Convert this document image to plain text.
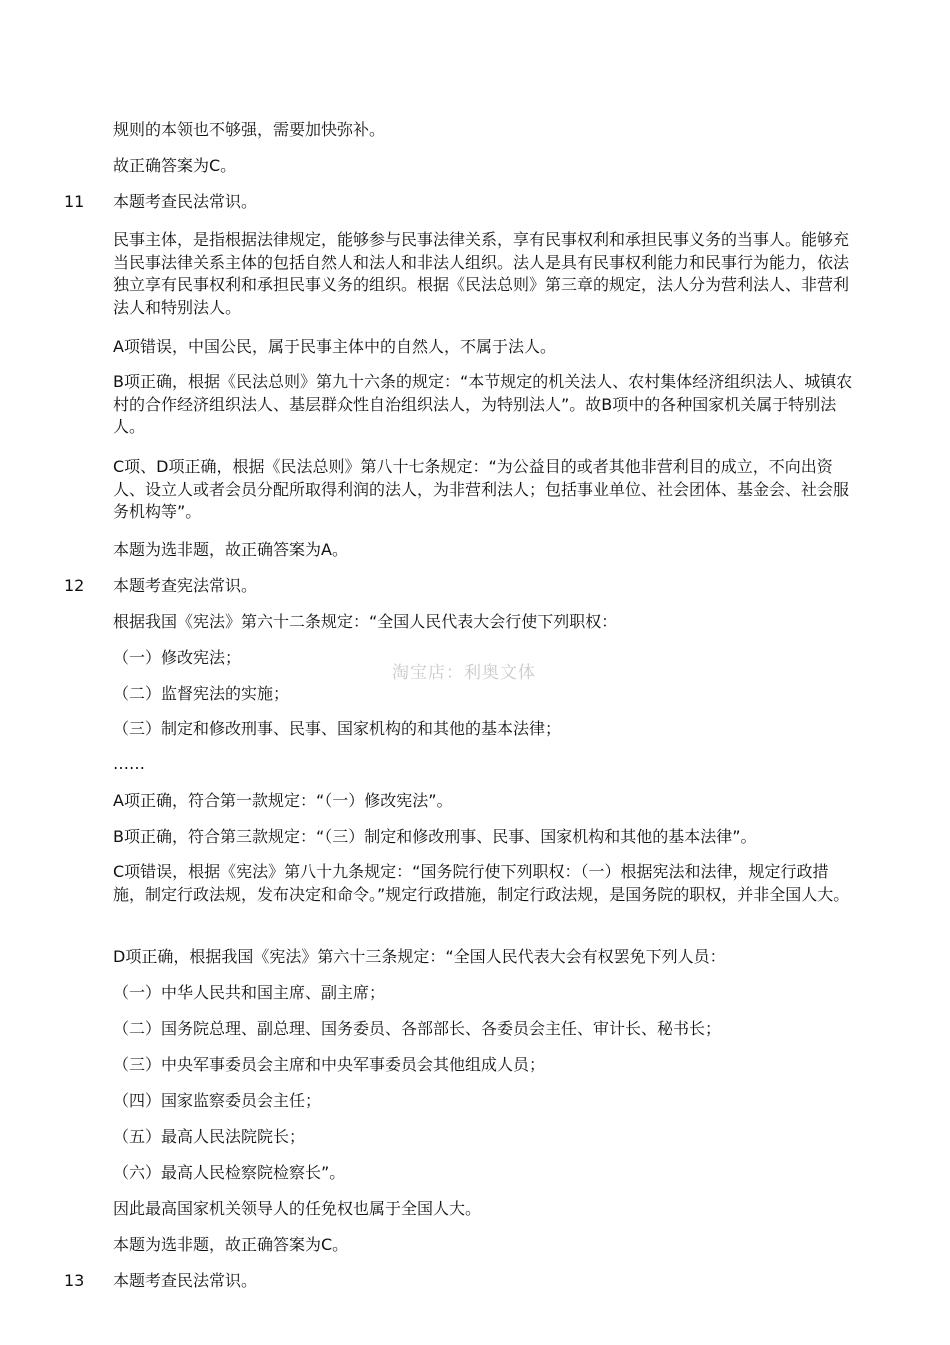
规则的本领也不够强，需要加快弥补。

故正确答案为C。

11 本题考查民法常识。

民事主体，是指根据法律规定，能够参与民事法律关系，享有民事权利和承担民事义务的当事人。能够充当民事法律关系主体的包括自然人和法人和非法人组织。法人是具有民事权利能力和民事行为能力，依法独立享有民事权利和承担民事义务的组织。根据《民法总则》第三章的规定，法人分为营利法人、非营利法人和特别法人。

A项错误，中国公民，属于民事主体中的自然人，不属于法人。

B项正确，根据《民法总则》第九十六条的规定：“本节规定的机关法人、农村集体经济组织法人、城镇农村的合作经济组织法人、基层群众性自治组织法人，为特别法人”。故B项中的各种国家机关属于特别法人。

C项、D项正确，根据《民法总则》第八十七条规定：“为公益目的或者其他非营利目的成立，不向出资人、设立人或者会员分配所取得利润的法人，为非营利法人；包括事业单位、社会团体、基金会、社会服务机构等”。

本题为选非题，故正确答案为A。

12 本题考查宪法常识。

根据我国《宪法》第六十二条规定：“全国人民代表大会行使下列职权：

（一）修改宪法；

（二）监督宪法的实施；

（三）制定和修改刑事、民事、国家机构的和其他的基本法律；

……

A项正确，符合第一款规定：“（一）修改宪法”。

B项正确，符合第三款规定：“（三）制定和修改刑事、民事、国家机构和其他的基本法律”。

C项错误，根据《宪法》第八十九条规定：“国务院行使下列职权：（一）根据宪法和法律，规定行政措施，制定行政法规，发布决定和命令。”规定行政措施，制定行政法规，是国务院的职权，并非全国人大。

D项正确，根据我国《宪法》第六十三条规定：“全国人民代表大会有权罢免下列人员：

（一）中华人民共和国主席、副主席；

（二）国务院总理、副总理、国务委员、各部部长、各委员会主任、审计长、秘书长；

（三）中央军事委员会主席和中央军事委员会其他组成人员；

（四）国家监察委员会主任；

（五）最高人民法院院长；

（六）最高人民检察院检察长”。

因此最高国家机关领导人的任免权也属于全国人大。

本题为选非题，故正确答案为C。

13 本题考查民法常识。

淘宝店：利奥文体
